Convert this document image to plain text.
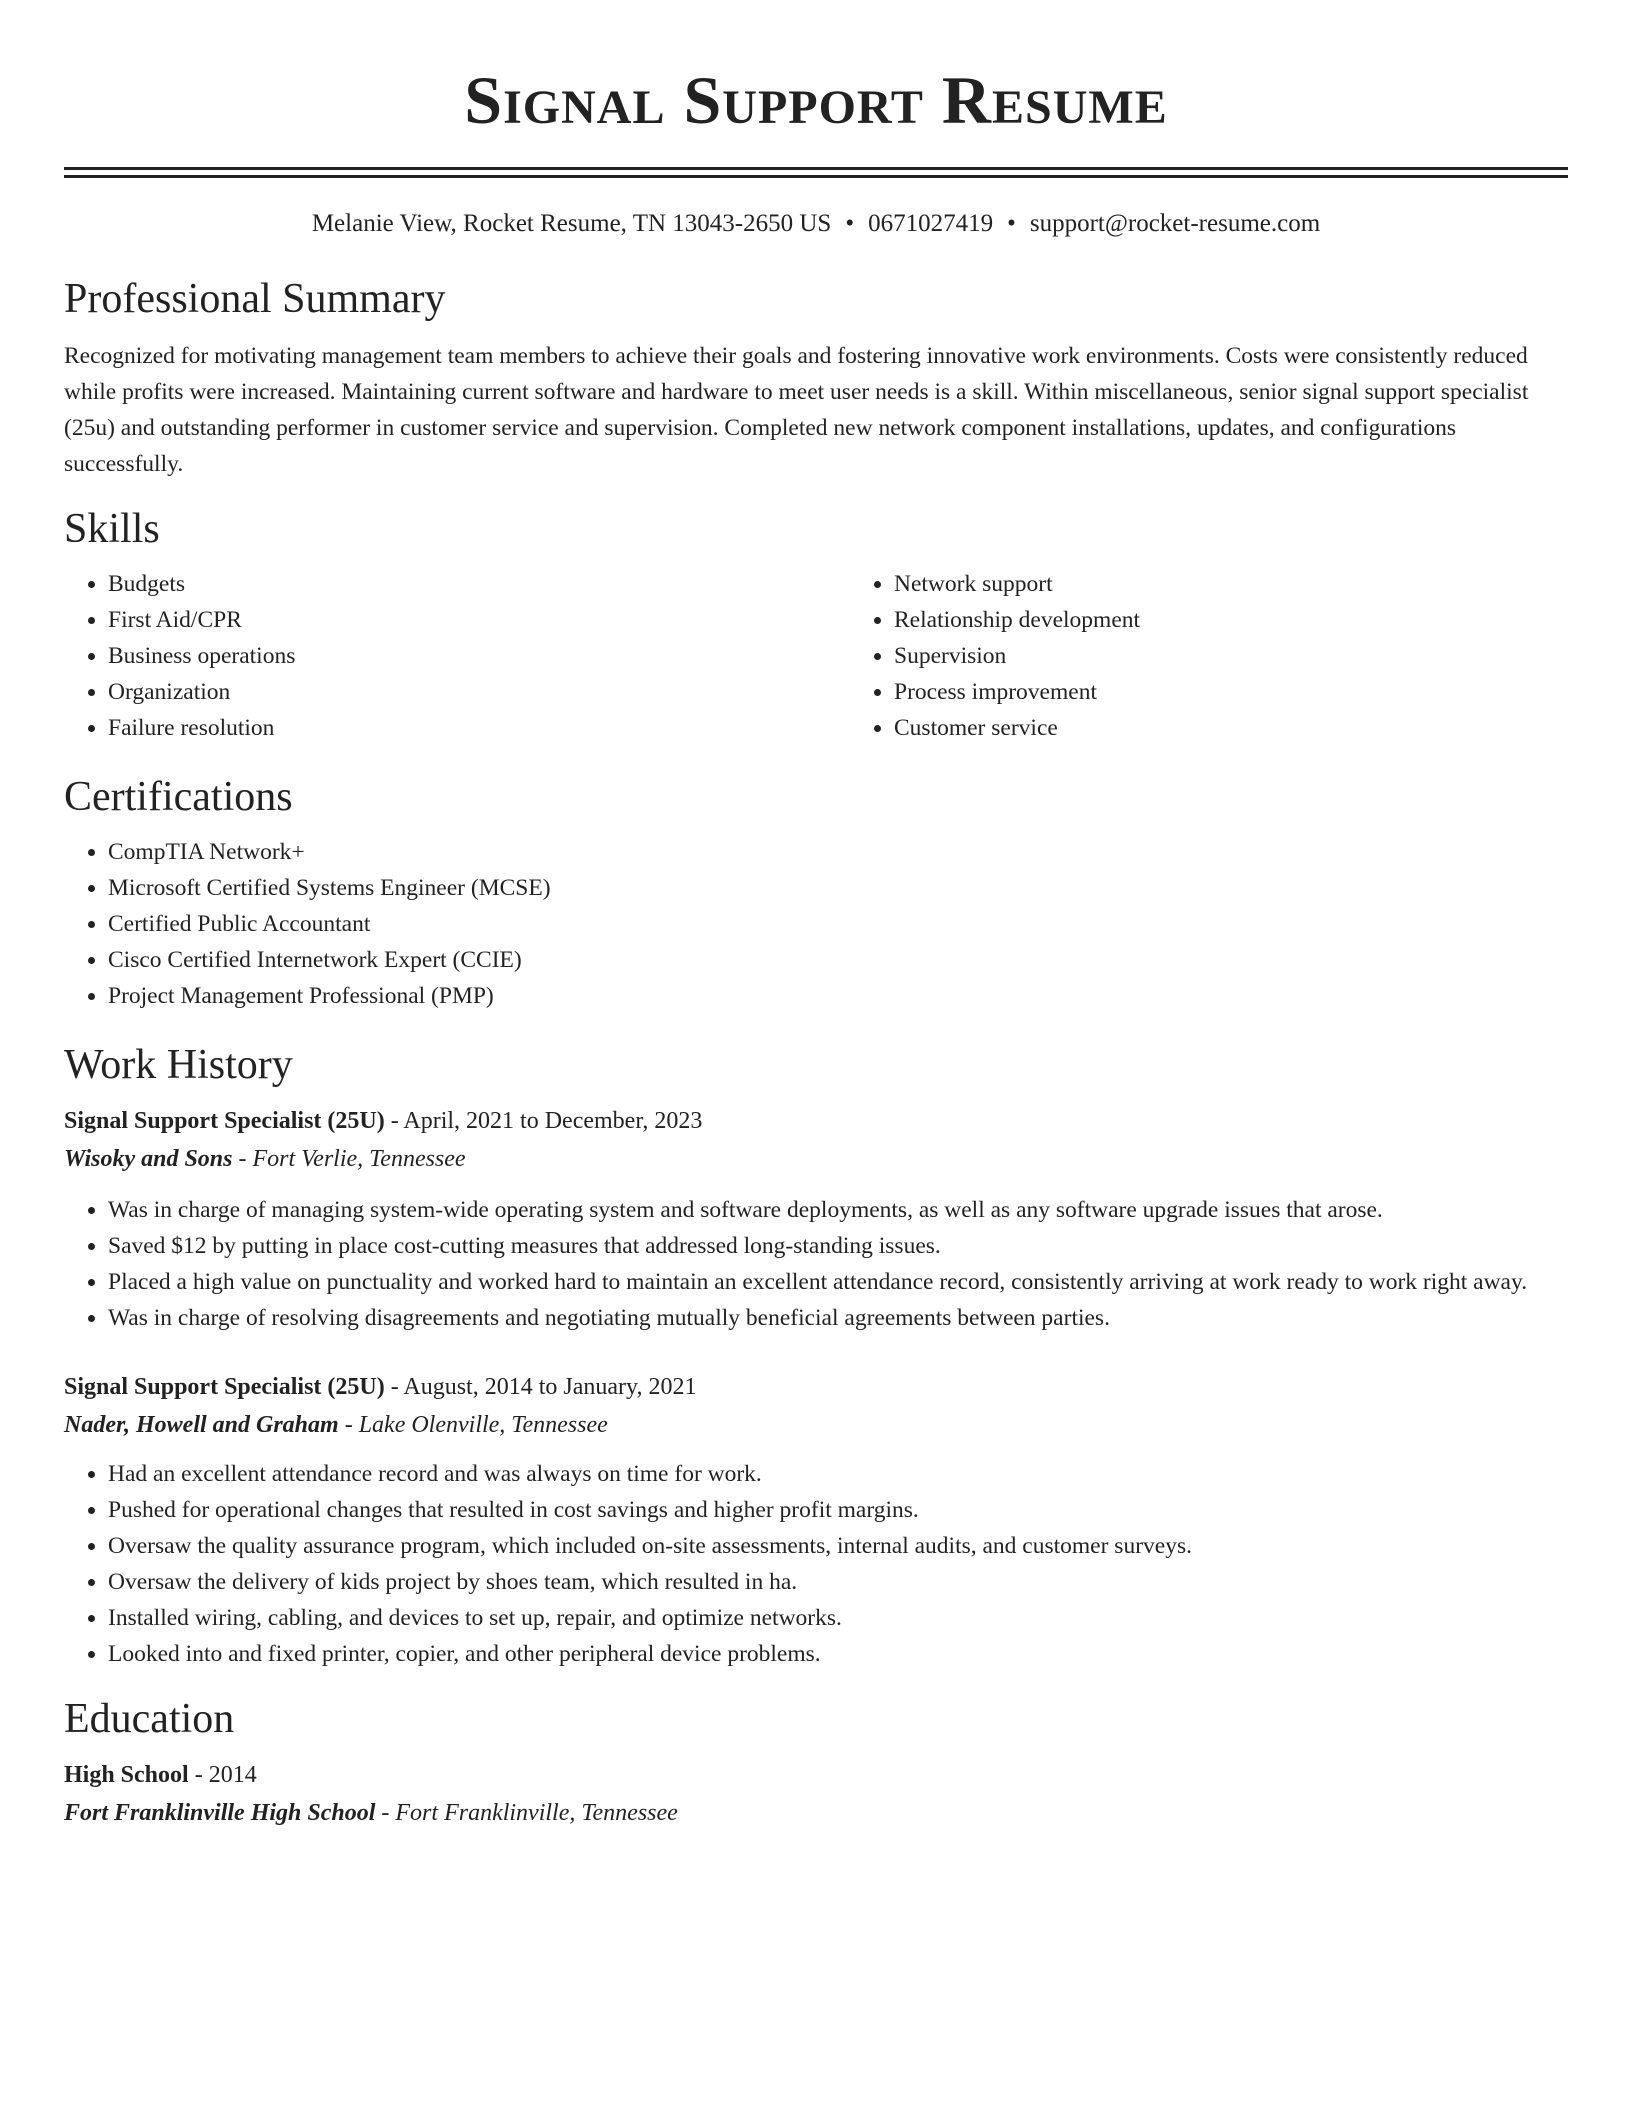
Signal Support Resume
Melanie View, Rocket Resume, TN 13043-2650 US • 0671027419 • support@rocket-resume.com
Professional Summary

Recognized for motivating management team members to achieve their goals and fostering innovative work environments. Costs were consistently reduced while profits were increased. Maintaining current software and hardware to meet user needs is a skill. Within miscellaneous, senior signal support specialist (25u) and outstanding performer in customer service and supervision. Completed new network component installations, updates, and configurations successfully.

Skills
• Budgets
• First Aid/CPR
• Business operations
• Organization
• Failure resolution
• Network support
• Relationship development
• Supervision
• Process improvement
• Customer service
Certifications
• CompTIA Network+
• Microsoft Certified Systems Engineer (MCSE)
• Certified Public Accountant
• Cisco Certified Internetwork Expert (CCIE)
• Project Management Professional (PMP)
Work History

Signal Support Specialist (25U) - April, 2021 to December, 2023

Wisoky and Sons - Fort Verlie, Tennessee

• Was in charge of managing system-wide operating system and software deployments, as well as any software upgrade issues that arose.
• Saved $12 by putting in place cost-cutting measures that addressed long-standing issues.
• Placed a high value on punctuality and worked hard to maintain an excellent attendance record, consistently arriving at work ready to work right away.
• Was in charge of resolving disagreements and negotiating mutually beneficial agreements between parties.

Signal Support Specialist (25U) - August, 2014 to January, 2021

Nader, Howell and Graham - Lake Olenville, Tennessee

• Had an excellent attendance record and was always on time for work.
• Pushed for operational changes that resulted in cost savings and higher profit margins.
• Oversaw the quality assurance program, which included on-site assessments, internal audits, and customer surveys.
• Oversaw the delivery of kids project by shoes team, which resulted in ha.
• Installed wiring, cabling, and devices to set up, repair, and optimize networks.
• Looked into and fixed printer, copier, and other peripheral device problems.
Education

High School - 2014

Fort Franklinville High School - Fort Franklinville, Tennessee
